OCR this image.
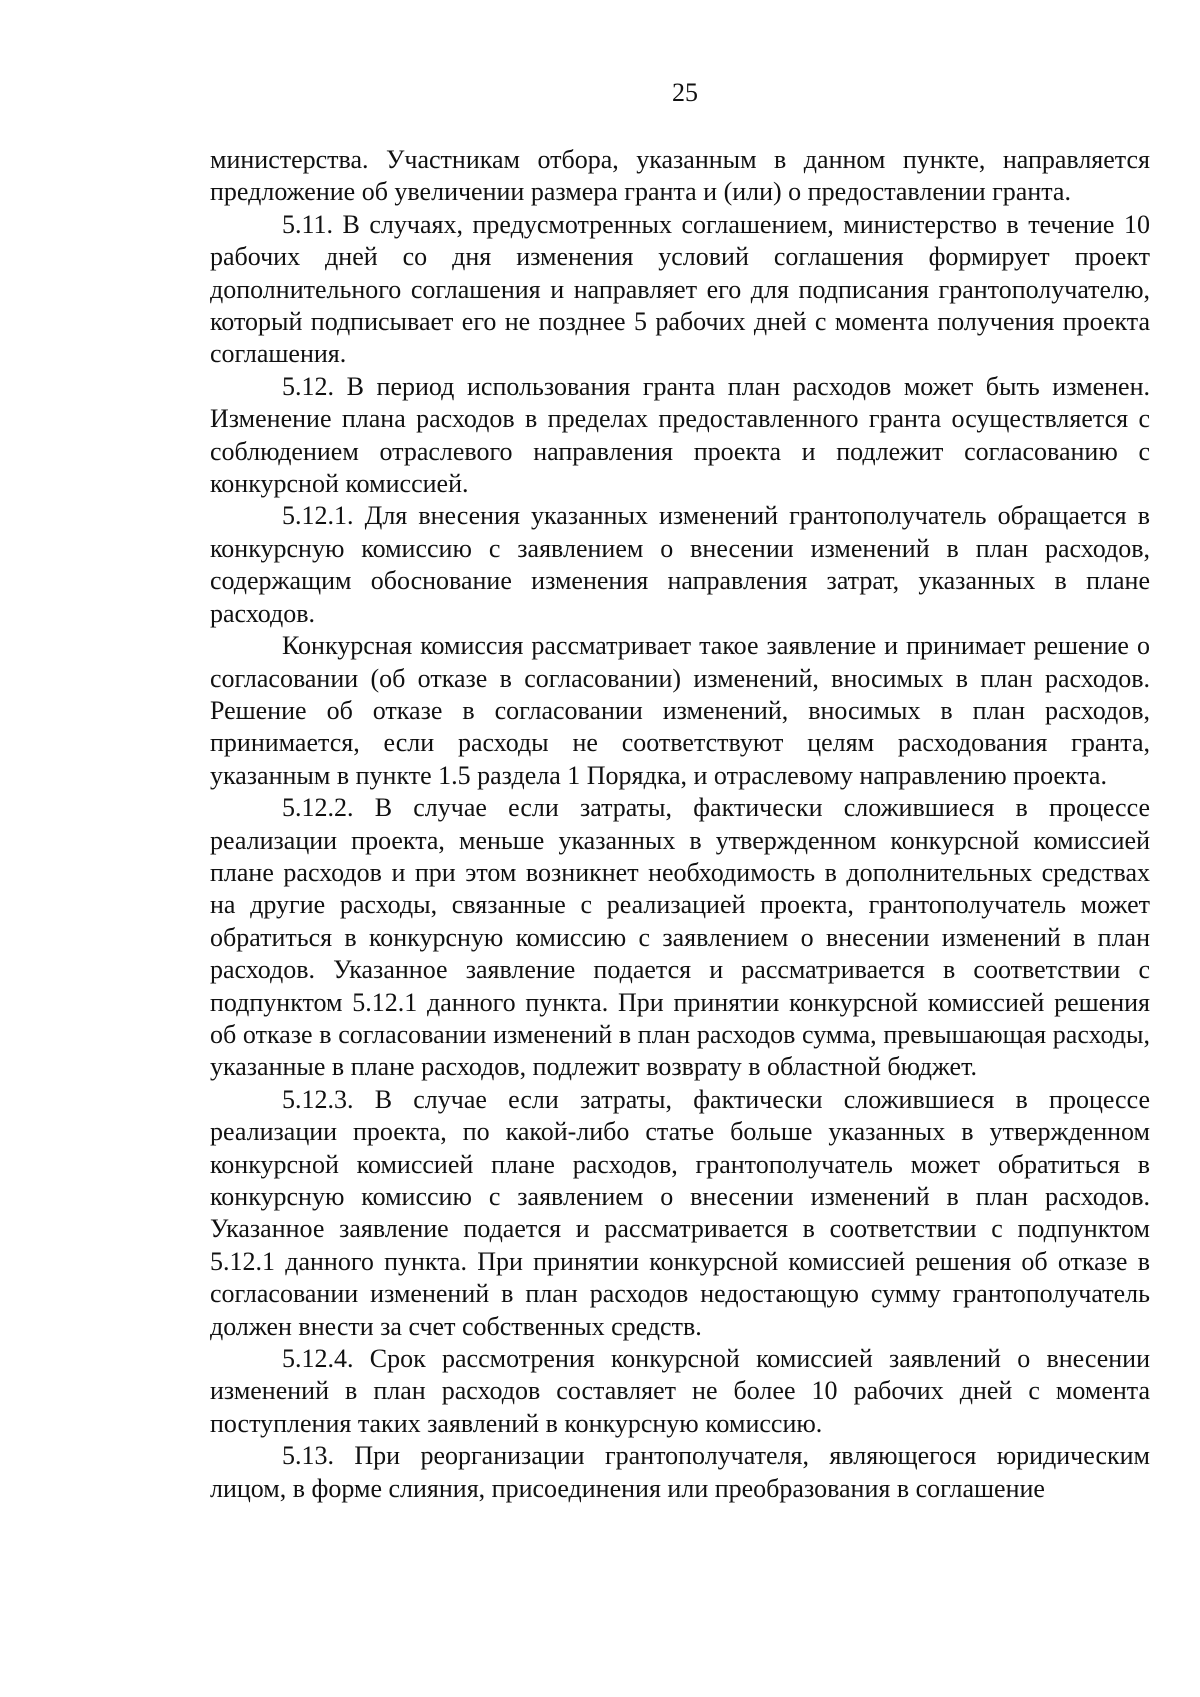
25

министерства. Участникам отбора, указанным в данном пункте, направляется предложение об увеличении размера гранта и (или) о предоставлении гранта.

5.11. В случаях, предусмотренных соглашением, министерство в течение 10 рабочих дней со дня изменения условий соглашения формирует проект дополнительного соглашения и направляет его для подписания грантополучателю, который подписывает его не позднее 5 рабочих дней с момента получения проекта соглашения.

5.12. В период использования гранта план расходов может быть изменен. Изменение плана расходов в пределах предоставленного гранта осуществляется с соблюдением отраслевого направления проекта и подлежит согласованию с конкурсной комиссией.

5.12.1. Для внесения указанных изменений грантополучатель обращается в конкурсную комиссию с заявлением о внесении изменений в план расходов, содержащим обоснование изменения направления затрат, указанных в плане расходов.

Конкурсная комиссия рассматривает такое заявление и принимает решение о согласовании (об отказе в согласовании) изменений, вносимых в план расходов. Решение об отказе в согласовании изменений, вносимых в план расходов, принимается, если расходы не соответствуют целям расходования гранта, указанным в пункте 1.5 раздела 1 Порядка, и отраслевому направлению проекта.

5.12.2. В случае если затраты, фактически сложившиеся в процессе реализации проекта, меньше указанных в утвержденном конкурсной комиссией плане расходов и при этом возникнет необходимость в дополнительных средствах на другие расходы, связанные с реализацией проекта, грантополучатель может обратиться в конкурсную комиссию с заявлением о внесении изменений в план расходов. Указанное заявление подается и рассматривается в соответствии с подпунктом 5.12.1 данного пункта. При принятии конкурсной комиссией решения об отказе в согласовании изменений в план расходов сумма, превышающая расходы, указанные в плане расходов, подлежит возврату в областной бюджет.

5.12.3. В случае если затраты, фактически сложившиеся в процессе реализации проекта, по какой-либо статье больше указанных в утвержденном конкурсной комиссией плане расходов, грантополучатель может обратиться в конкурсную комиссию с заявлением о внесении изменений в план расходов. Указанное заявление подается и рассматривается в соответствии с подпунктом 5.12.1 данного пункта. При принятии конкурсной комиссией решения об отказе в согласовании изменений в план расходов недостающую сумму грантополучатель должен внести за счет собственных средств.

5.12.4. Срок рассмотрения конкурсной комиссией заявлений о внесении изменений в план расходов составляет не более 10 рабочих дней с момента поступления таких заявлений в конкурсную комиссию.

5.13. При реорганизации грантополучателя, являющегося юридическим лицом, в форме слияния, присоединения или преобразования в соглашение
